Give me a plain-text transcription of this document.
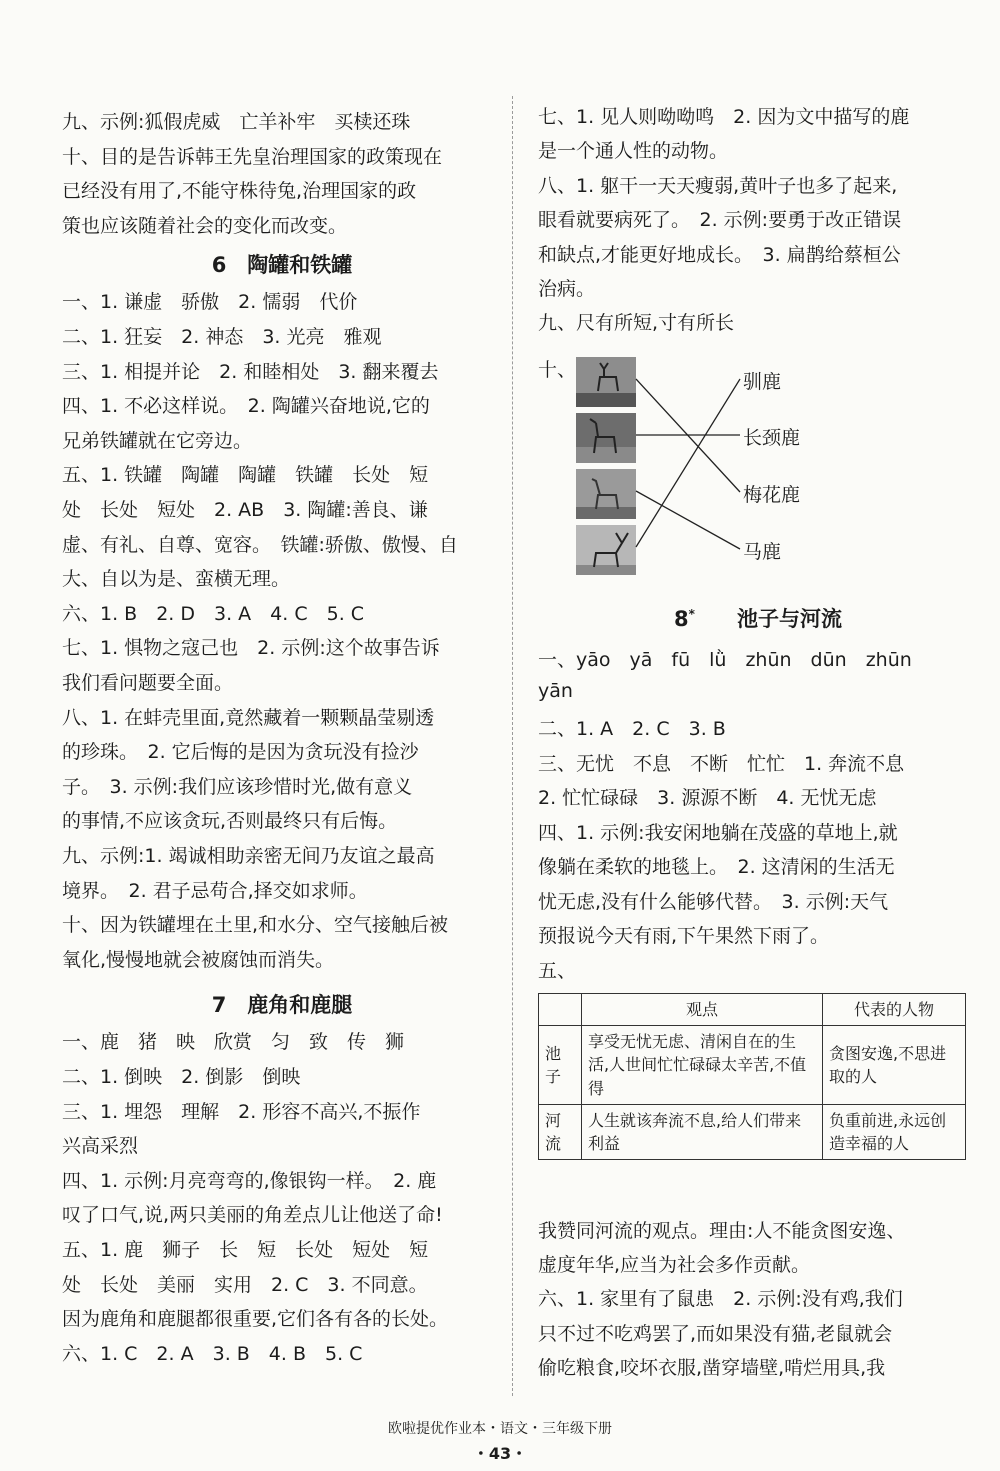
九、示例:狐假虎威　亡羊补牢　买椟还珠
十、目的是告诉韩王先皇治理国家的政策现在
已经没有用了,不能守株待兔,治理国家的政
策也应该随着社会的变化而改变。
6　陶罐和铁罐
一、1. 谦虚　骄傲　2. 懦弱　代价
二、1. 狂妄　2. 神态　3. 光亮　雅观
三、1. 相提并论　2. 和睦相处　3. 翻来覆去
四、1. 不必这样说。　2. 陶罐兴奋地说,它的
兄弟铁罐就在它旁边。
五、1. 铁罐　陶罐　陶罐　铁罐　长处　短
处　长处　短处　2. AB　3. 陶罐:善良、谦
虚、有礼、自尊、宽容。　铁罐:骄傲、傲慢、自
大、自以为是、蛮横无理。
六、1. B　2. D　3. A　4. C　5. C
七、1. 惧物之寇己也　2. 示例:这个故事告诉
我们看问题要全面。
八、1. 在蚌壳里面,竟然藏着一颗颗晶莹剔透
的珍珠。　2. 它后悔的是因为贪玩没有捡沙
子。　3. 示例:我们应该珍惜时光,做有意义
的事情,不应该贪玩,否则最终只有后悔。
九、示例:1. 竭诚相助亲密无间乃友谊之最高
境界。　2. 君子忌苟合,择交如求师。
十、因为铁罐埋在土里,和水分、空气接触后被
氧化,慢慢地就会被腐蚀而消失。
7　鹿角和鹿腿
一、鹿　猪　映　欣赏　匀　致　传　狮
二、1. 倒映　2. 倒影　倒映
三、1. 埋怨　理解　2. 形容不高兴,不振作
兴高采烈
四、1. 示例:月亮弯弯的,像银钩一样。　2. 鹿
叹了口气,说,两只美丽的角差点儿让他送了命!
五、1. 鹿　狮子　长　短　长处　短处　短
处　长处　美丽　实用　2. C　3. 不同意。
因为鹿角和鹿腿都很重要,它们各有各的长处。
六、1. C　2. A　3. B　4. B　5. C
七、1. 见人则呦呦鸣　2. 因为文中描写的鹿
是一个通人性的动物。
八、1. 躯干一天天瘦弱,黄叶子也多了起来,
眼看就要病死了。　2. 示例:要勇于改正错误
和缺点,才能更好地成长。　3. 扁鹊给蔡桓公
治病。
九、尺有所短,寸有所长
十、
驯鹿
长颈鹿
梅花鹿
马鹿
8*　　 池子与河流
一、yāo　yā　fū　lǜ　zhūn　dūn　zhūn
yān
二、1. A　2. C　3. B
三、无忧　不息　不断　忙忙　1. 奔流不息
2. 忙忙碌碌　3. 源源不断　4. 无忧无虑
四、1. 示例:我安闲地躺在茂盛的草地上,就
像躺在柔软的地毯上。　2. 这清闲的生活无
忧无虑,没有什么能够代替。　3. 示例:天气
预报说今天有雨,下午果然下雨了。
五、
	观点	代表的人物
池子	享受无忧无虑、清闲自在的生活,人世间忙忙碌碌太辛苦,不值得	贪图安逸,不思进取的人
河流	人生就该奔流不息,给人们带来利益	负重前进,永远创造幸福的人
我赞同河流的观点。理由:人不能贪图安逸、
虚度年华,应当为社会多作贡献。
六、1. 家里有了鼠患　2. 示例:没有鸡,我们
只不过不吃鸡罢了,而如果没有猫,老鼠就会
偷吃粮食,咬坏衣服,凿穿墙壁,啃烂用具,我
欧啦提优作业本・语文・三年级下册
・43・
